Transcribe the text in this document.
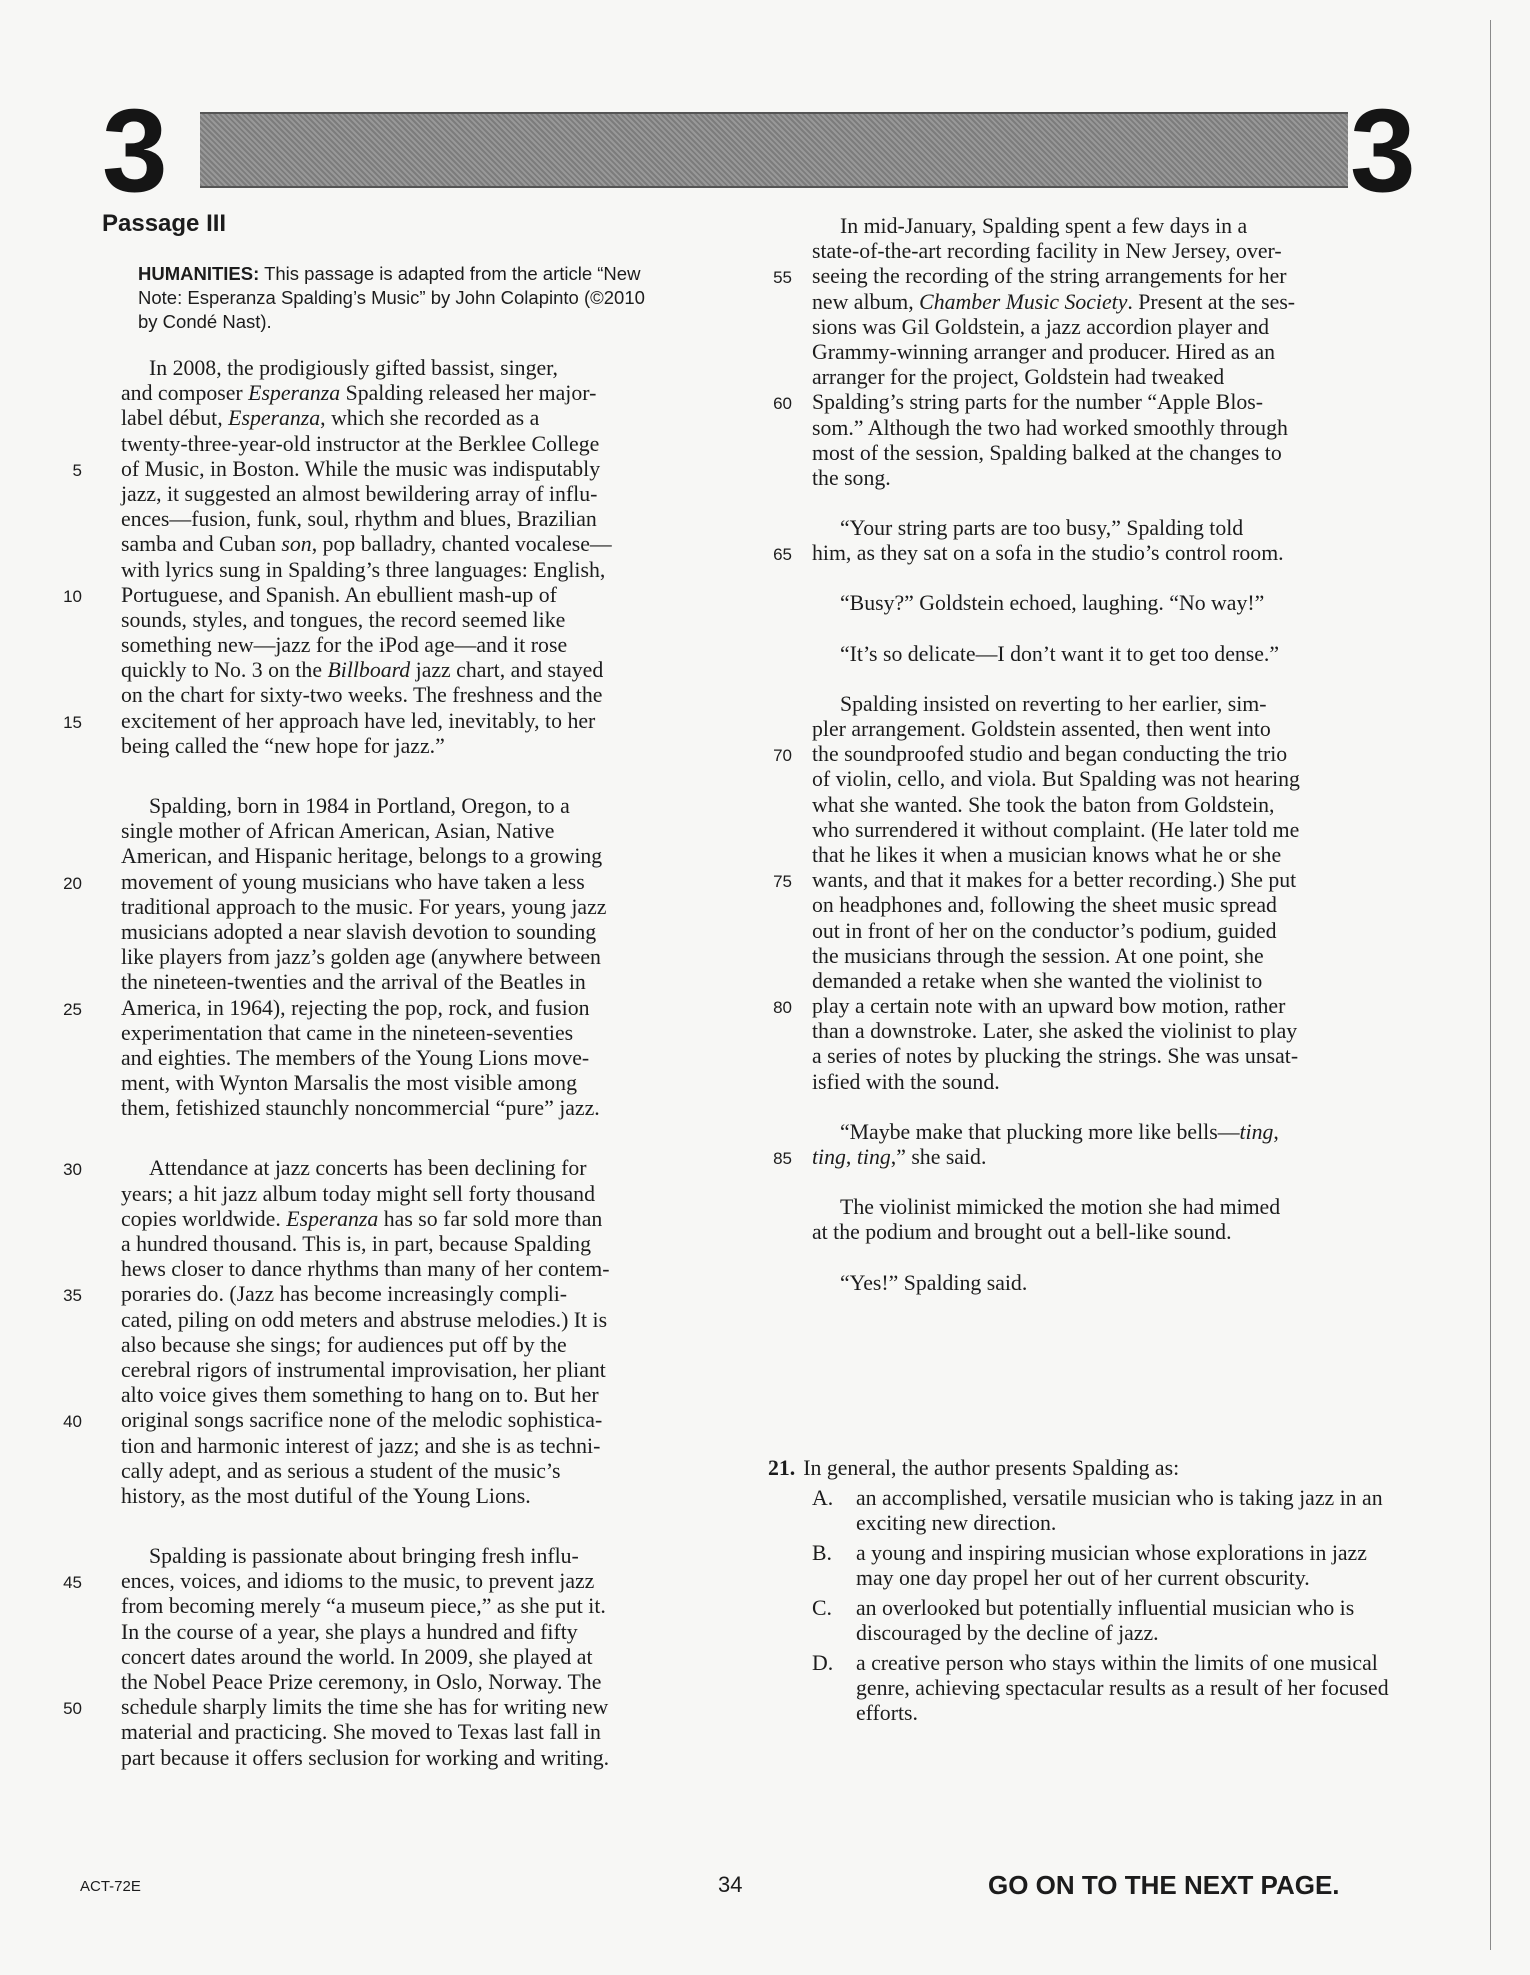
3	3
Passage III
HUMANITIES: This passage is adapted from the article “New
Note: Esperanza Spalding’s Music” by John Colapinto (©2010
by Condé Nast).
In 2008, the prodigiously gifted bassist, singer,
and composer Esperanza Spalding released her major-
label début, Esperanza, which she recorded as a
twenty-three-year-old instructor at the Berklee College
5 of Music, in Boston. While the music was indisputably
jazz, it suggested an almost bewildering array of influ-
ences—fusion, funk, soul, rhythm and blues, Brazilian
samba and Cuban son, pop balladry, chanted vocalese—
with lyrics sung in Spalding’s three languages: English,
10 Portuguese, and Spanish. An ebullient mash-up of
sounds, styles, and tongues, the record seemed like
something new—jazz for the iPod age—and it rose
quickly to No. 3 on the Billboard jazz chart, and stayed
on the chart for sixty-two weeks. The freshness and the
15 excitement of her approach have led, inevitably, to her
being called the “new hope for jazz.”
Spalding, born in 1984 in Portland, Oregon, to a
single mother of African American, Asian, Native
American, and Hispanic heritage, belongs to a growing
20 movement of young musicians who have taken a less
traditional approach to the music. For years, young jazz
musicians adopted a near slavish devotion to sounding
like players from jazz’s golden age (anywhere between
the nineteen-twenties and the arrival of the Beatles in
25 America, in 1964), rejecting the pop, rock, and fusion
experimentation that came in the nineteen-seventies
and eighties. The members of the Young Lions move-
ment, with Wynton Marsalis the most visible among
them, fetishized staunchly noncommercial “pure” jazz.
30	Attendance at jazz concerts has been declining for
years; a hit jazz album today might sell forty thousand
copies worldwide. Esperanza has so far sold more than
a hundred thousand. This is, in part, because Spalding
hews closer to dance rhythms than many of her contem-
35 poraries do. (Jazz has become increasingly compli-
cated, piling on odd meters and abstruse melodies.) It is
also because she sings; for audiences put off by the
cerebral rigors of instrumental improvisation, her pliant
alto voice gives them something to hang on to. But her
40 original songs sacrifice none of the melodic sophistica-
tion and harmonic interest of jazz; and she is as techni-
cally adept, and as serious a student of the music’s
history, as the most dutiful of the Young Lions.
Spalding is passionate about bringing fresh influ-
45 ences, voices, and idioms to the music, to prevent jazz
from becoming merely “a museum piece,” as she put it.
In the course of a year, she plays a hundred and fifty
concert dates around the world. In 2009, she played at
the Nobel Peace Prize ceremony, in Oslo, Norway. The
50 schedule sharply limits the time she has for writing new
material and practicing. She moved to Texas last fall in
part because it offers seclusion for working and writing.
In mid-January, Spalding spent a few days in a
state-of-the-art recording facility in New Jersey, over-
55 seeing the recording of the string arrangements for her
new album, Chamber Music Society. Present at the ses-
sions was Gil Goldstein, a jazz accordion player and
Grammy-winning arranger and producer. Hired as an
arranger for the project, Goldstein had tweaked
60 Spalding’s string parts for the number “Apple Blos-
som.” Although the two had worked smoothly through
most of the session, Spalding balked at the changes to
the song.
“Your string parts are too busy,” Spalding told
65 him, as they sat on a sofa in the studio’s control room.
“Busy?” Goldstein echoed, laughing. “No way!”
“It’s so delicate—I don’t want it to get too dense.”
Spalding insisted on reverting to her earlier, sim-
pler arrangement. Goldstein assented, then went into
70 the soundproofed studio and began conducting the trio
of violin, cello, and viola. But Spalding was not hearing
what she wanted. She took the baton from Goldstein,
who surrendered it without complaint. (He later told me
that he likes it when a musician knows what he or she
75 wants, and that it makes for a better recording.) She put
on headphones and, following the sheet music spread
out in front of her on the conductor’s podium, guided
the musicians through the session. At one point, she
demanded a retake when she wanted the violinist to
80 play a certain note with an upward bow motion, rather
than a downstroke. Later, she asked the violinist to play
a series of notes by plucking the strings. She was unsat-
isfied with the sound.
“Maybe make that plucking more like bells—ting,
85 ting, ting,” she said.
The violinist mimicked the motion she had mimed
at the podium and brought out a bell-like sound.
“Yes!” Spalding said.
21. In general, the author presents Spalding as:
A. an accomplished, versatile musician who is taking jazz in an exciting new direction.
B. a young and inspiring musician whose explorations in jazz may one day propel her out of her current obscurity.
C. an overlooked but potentially influential musician who is discouraged by the decline of jazz.
D. a creative person who stays within the limits of one musical genre, achieving spectacular results as a result of her focused efforts.
ACT-72E	34	GO ON TO THE NEXT PAGE.
